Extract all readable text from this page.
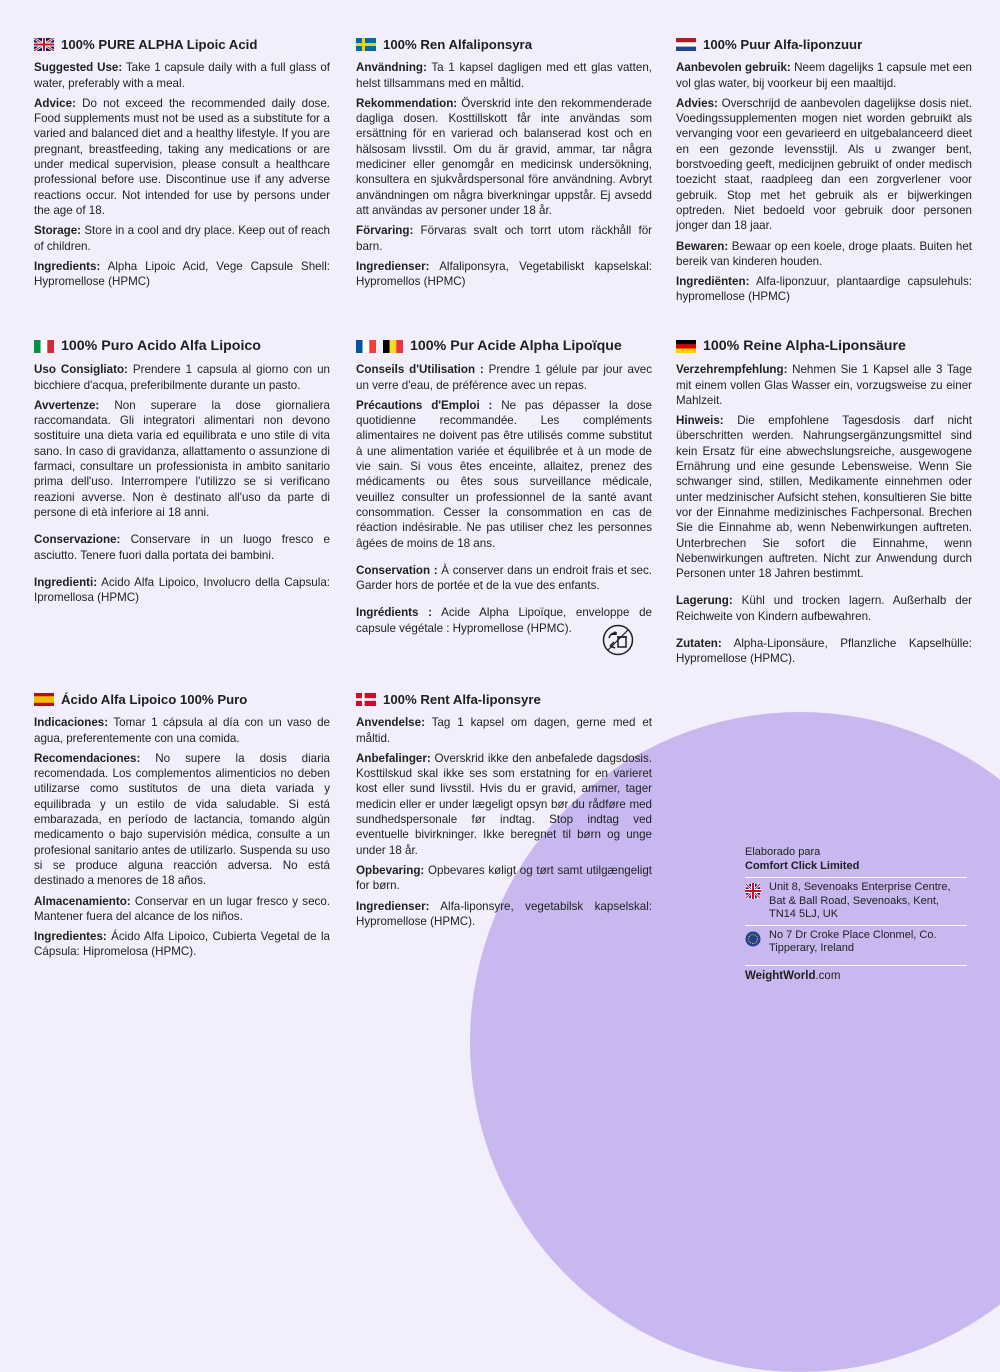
100% PURE ALPHA Lipoic Acid

Suggested Use: Take 1 capsule daily with a full glass of water, preferably with a meal.

Advice: Do not exceed the recommended daily dose. Food supplements must not be used as a substitute for a varied and balanced diet and a healthy lifestyle. If you are pregnant, breastfeeding, taking any medications or are under medical supervision, please consult a healthcare professional before use. Discontinue use if any adverse reactions occur. Not intended for use by persons under the age of 18.

Storage: Store in a cool and dry place. Keep out of reach of children.

Ingredients: Alpha Lipoic Acid, Vege Capsule Shell: Hypromellose (HPMC)

100% Ren Alfaliponsyra

Användning: Ta 1 kapsel dagligen med ett glas vatten, helst tillsammans med en måltid.

Rekommendation: Överskrid inte den rekommenderade dagliga dosen. Kosttillskott får inte användas som ersättning för en varierad och balanserad kost och en hälsosam livsstil. Om du är gravid, ammar, tar några mediciner eller genomgår en medicinsk undersökning, konsultera en sjukvårdspersonal före användning. Avbryt användningen om några biverkningar uppstår. Ej avsedd att användas av personer under 18 år.

Förvaring: Förvaras svalt och torrt utom räckhåll för barn.

Ingredienser: Alfaliponsyra, Vegetabiliskt kapselskal: Hypromellos (HPMC)

100% Puur Alfa-liponzuur

Aanbevolen gebruik: Neem dagelijks 1 capsule met een vol glas water, bij voorkeur bij een maaltijd.

Advies: Overschrijd de aanbevolen dagelijkse dosis niet. Voedingssupplementen mogen niet worden gebruikt als vervanging voor een gevarieerd en uitgebalanceerd dieet en een gezonde levensstijl. Als u zwanger bent, borstvoeding geeft, medicijnen gebruikt of onder medisch toezicht staat, raadpleeg dan een zorgverlener voor gebruik. Stop met het gebruik als er bijwerkingen optreden. Niet bedoeld voor gebruik door personen jonger dan 18 jaar.

Bewaren: Bewaar op een koele, droge plaats. Buiten het bereik van kinderen houden.

Ingrediënten: Alfa-liponzuur, plantaardige capsulehuls: hypromellose (HPMC)

100% Puro Acido Alfa Lipoico

Uso Consigliato: Prendere 1 capsula al giorno con un bicchiere d'acqua, preferibilmente durante un pasto.

Avvertenze: Non superare la dose giornaliera raccomandata. Gli integratori alimentari non devono sostituire una dieta varia ed equilibrata e uno stile di vita sano. In caso di gravidanza, allattamento o assunzione di farmaci, consultare un professionista in ambito sanitario prima dell'uso. Interrompere l'utilizzo se si verificano reazioni avverse. Non è destinato all'uso da parte di persone di età inferiore ai 18 anni.

Conservazione: Conservare in un luogo fresco e asciutto. Tenere fuori dalla portata dei bambini.

Ingredienti: Acido Alfa Lipoico, Involucro della Capsula: Ipromellosa (HPMC)

100% Pur Acide Alpha Lipoïque

Conseils d'Utilisation : Prendre 1 gélule par jour avec un verre d'eau, de préférence avec un repas.

Précautions d'Emploi : Ne pas dépasser la dose quotidienne recommandée. Les compléments alimentaires ne doivent pas être utilisés comme substitut à une alimentation variée et équilibrée et à un mode de vie sain. Si vous êtes enceinte, allaitez, prenez des médicaments ou êtes sous surveillance médicale, veuillez consulter un professionnel de la santé avant consommation. Cesser la consommation en cas de réaction indésirable. Ne pas utiliser chez les personnes âgées de moins de 18 ans.

Conservation : À conserver dans un endroit frais et sec. Garder hors de portée et de la vue des enfants.

Ingrédients : Acide Alpha Lipoïque, enveloppe de capsule végétale : Hypromellose (HPMC).

100% Reine Alpha-Liponsäure

Verzehrempfehlung: Nehmen Sie 1 Kapsel alle 3 Tage mit einem vollen Glas Wasser ein, vorzugsweise zu einer Mahlzeit.

Hinweis: Die empfohlene Tagesdosis darf nicht überschritten werden. Nahrungsergänzungsmittel sind kein Ersatz für eine abwechslungsreiche, ausgewogene Ernährung und eine gesunde Lebensweise. Wenn Sie schwanger sind, stillen, Medikamente einnehmen oder unter medzinischer Aufsicht stehen, konsultieren Sie bitte vor der Einnahme medizinisches Fachpersonal. Brechen Sie die Einnahme ab, wenn Nebenwirkungen auftreten. Unterbrechen Sie sofort die Einnahme, wenn Nebenwirkungen auftreten. Nicht zur Anwendung durch Personen unter 18 Jahren bestimmt.

Lagerung: Kühl und trocken lagern. Außerhalb der Reichweite von Kindern aufbewahren.

Zutaten: Alpha-Liponsäure, Pflanzliche Kapselhülle: Hypromellose (HPMC).

Ácido Alfa Lipoico 100% Puro

Indicaciones: Tomar 1 cápsula al día con un vaso de agua, preferentemente con una comida.

Recomendaciones: No supere la dosis diaria recomendada. Los complementos alimenticios no deben utilizarse como sustitutos de una dieta variada y equilibrada y un estilo de vida saludable. Si está embarazada, en período de lactancia, tomando algún medicamento o bajo supervisión médica, consulte a un profesional sanitario antes de utilizarlo. Suspenda su uso si se produce alguna reacción adversa. No está destinado a menores de 18 años.

Almacenamiento: Conservar en un lugar fresco y seco. Mantener fuera del alcance de los niños.

Ingredientes: Ácido Alfa Lipoico, Cubierta Vegetal de la Cápsula: Hipromelosa (HPMC).

100% Rent Alfa-liponsyre

Anvendelse: Tag 1 kapsel om dagen, gerne med et måltid.

Anbefalinger: Overskrid ikke den anbefalede dagsdosis. Kosttilskud skal ikke ses som erstatning for en varieret kost eller sund livsstil. Hvis du er gravid, ammer, tager medicin eller er under lægeligt opsyn bør du rådføre med sundhedspersonale før indtag. Stop indtag ved eventuelle bivirkninger. Ikke beregnet til børn og unge under 18 år.

Opbevaring: Opbevares køligt og tørt samt utilgængeligt for børn.

Ingredienser: Alfa-liponsyre, vegetabilsk kapselskal: Hypromellose (HPMC).

Elaborado para
Comfort Click Limited
Unit 8, Sevenoaks Enterprise Centre, Bat & Ball Road, Sevenoaks, Kent, TN14 5LJ, UK
No 7 Dr Croke Place Clonmel, Co. Tipperary, Ireland
WeightWorld.com
